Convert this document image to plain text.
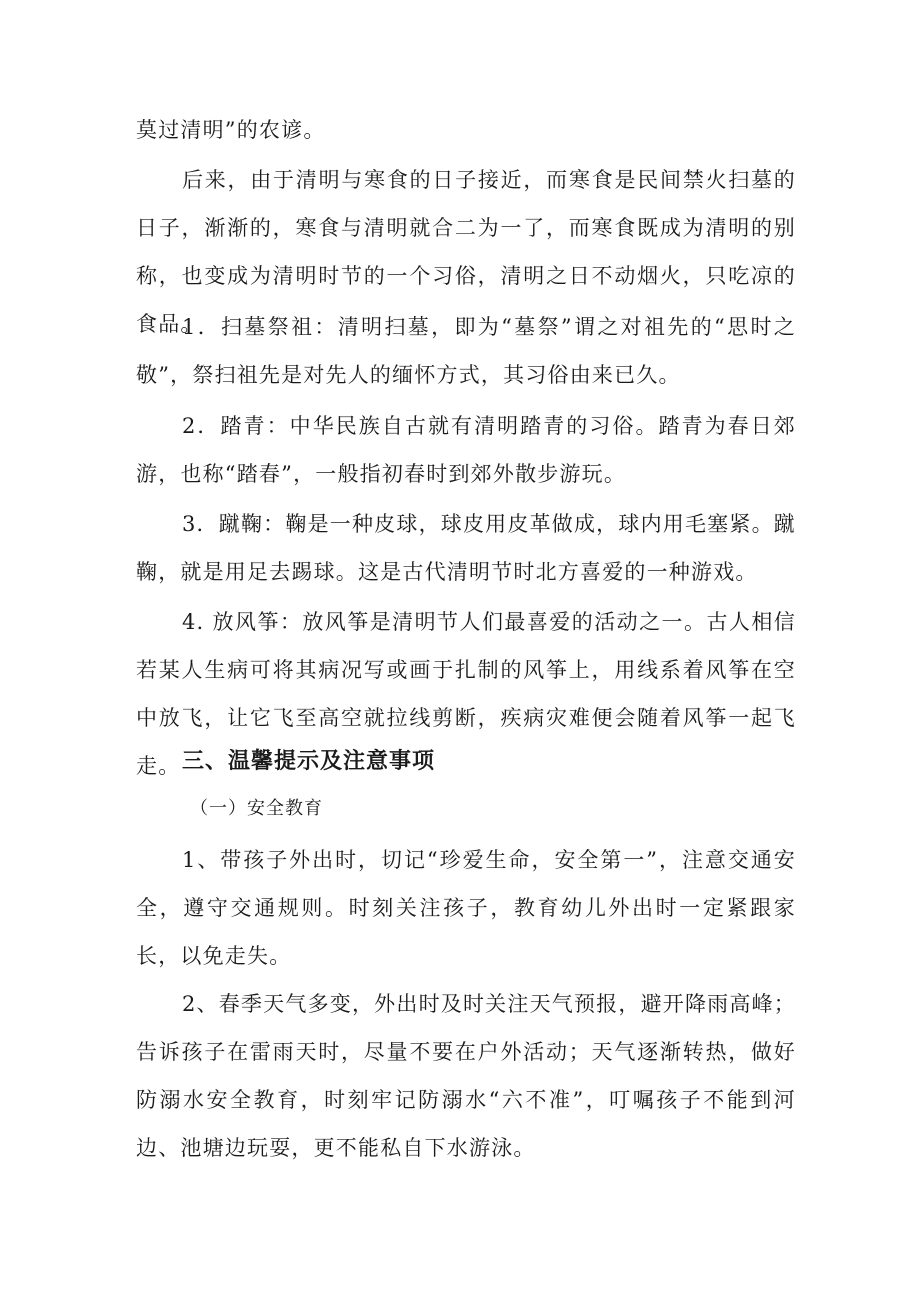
莫过清明”的农谚。

后来，由于清明与寒食的日子接近，而寒食是民间禁火扫墓的日子，渐渐的，寒食与清明就合二为一了，而寒食既成为清明的别称，也变成为清明时节的一个习俗，清明之日不动烟火，只吃凉的食品。

1．扫墓祭祖：清明扫墓，即为“墓祭”谓之对祖先的“思时之敬”，祭扫祖先是对先人的缅怀方式，其习俗由来已久。

2．踏青：中华民族自古就有清明踏青的习俗。踏青为春日郊游，也称“踏春”，一般指初春时到郊外散步游玩。

3．蹴鞠：鞠是一种皮球，球皮用皮革做成，球内用毛塞紧。蹴鞠，就是用足去踢球。这是古代清明节时北方喜爱的一种游戏。

4. 放风筝：放风筝是清明节人们最喜爱的活动之一。古人相信若某人生病可将其病况写或画于扎制的风筝上，用线系着风筝在空中放飞，让它飞至高空就拉线剪断，疾病灾难便会随着风筝一起飞走。 三、温馨提示及注意事项

（一）安全教育

1、带孩子外出时，切记“珍爱生命，安全第一”，注意交通安全，遵守交通规则。时刻关注孩子，教育幼儿外出时一定紧跟家长，以免走失。

2、春季天气多变，外出时及时关注天气预报，避开降雨高峰；告诉孩子在雷雨天时，尽量不要在户外活动；天气逐渐转热，做好防溺水安全教育，时刻牢记防溺水“六不准”，叮嘱孩子不能到河边、池塘边玩耍，更不能私自下水游泳。
